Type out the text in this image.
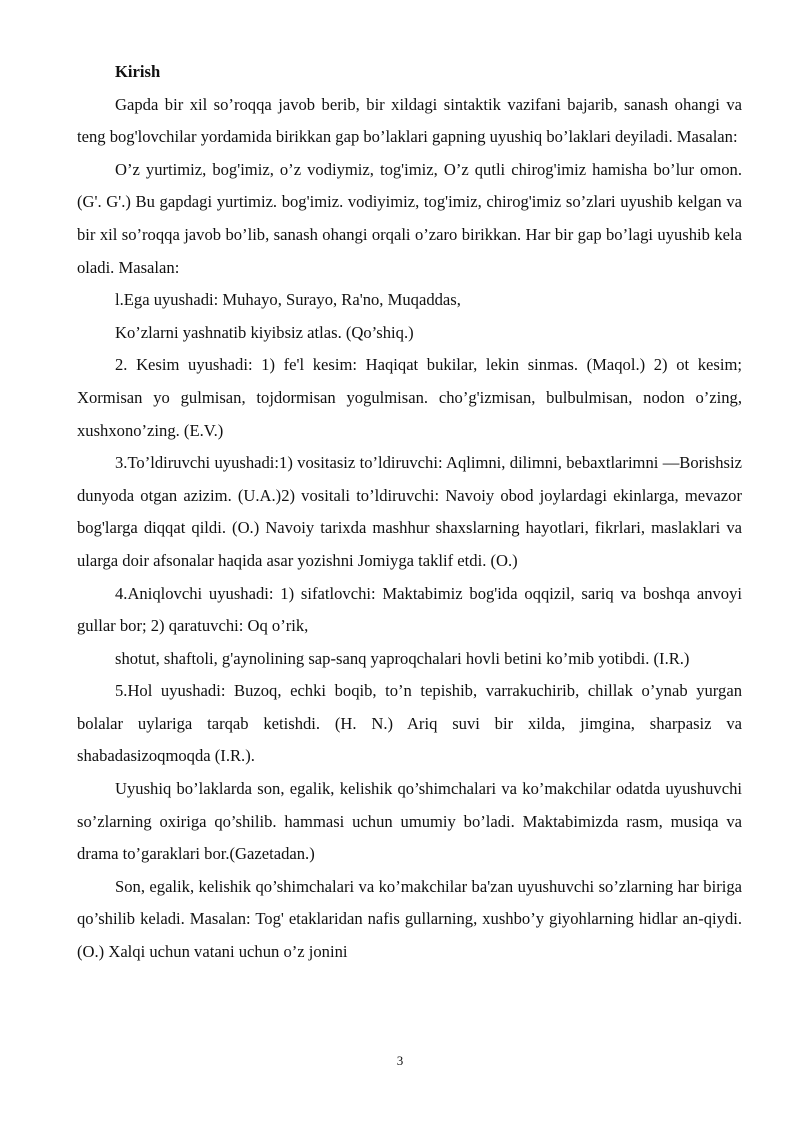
Kirish

Gapda bir xil so’roqqa javob berib, bir xildagi sintaktik vazifani bajarib, sanash ohangi va teng bog'lovchilar yordamida birikkan gap bo’laklari gapning uyushiq bo’laklari deyiladi. Masalan:

O’z yurtimiz, bog'imiz, o’z vodiymiz, tog'imiz, O’z qutli chirog'imiz hamisha bo’lur omon. (G'. G'.) Bu gapdagi yurtimiz. bog'imiz. vodiyimiz, tog'imiz, chirog'imiz so’zlari uyushib kelgan va bir xil so’roqqa javob bo’lib, sanash ohangi orqali o’zaro birikkan. Har bir gap bo’lagi uyushib kela oladi. Masalan:

l.Ega uyushadi: Muhayo, Surayo, Ra'no, Muqaddas,

Ko’zlarni yashnatib kiyibsiz atlas. (Qo’shiq.)

2. Kesim uyushadi: 1) fe'l kesim: Haqiqat bukilar, lekin sinmas. (Maqol.) 2) ot kesim; Xormisan yo gulmisan, tojdormisan yogulmisan. cho’g'izmisan, bulbulmisan, nodon o’zing, xushxono’zing. (E.V.)

3.To’ldiruvchi uyushadi:1) vositasiz to’ldiruvchi: Aqlimni, dilimni, bebaxtlarimni —Borishsiz dunyoda otgan azizim. (U.A.)2) vositali to’ldiruvchi: Navoiy obod joylardagi ekinlarga, mevazor bog'larga diqqat qildi. (O.) Navoiy tarixda mashhur shaxslarning hayotlari, fikrlari, maslaklari va ularga doir afsonalar haqida asar yozishni Jomiyga taklif etdi. (O.)

4.Aniqlovchi uyushadi: 1) sifatlovchi: Maktabimiz bog'ida oqqizil, sariq va boshqa anvoyi gullar bor; 2) qaratuvchi: Oq o’rik,

shotut, shaftoli, g'aynolining sap-sanq yaproqchalari hovli betini ko’mib yotibdi. (I.R.)

5.Hol uyushadi: Buzoq, echki boqib, to’n tepishib, varrakuchirib, chillak o’ynab yurgan bolalar uylariga tarqab ketishdi. (H. N.) Ariq suvi bir xilda, jimgina, sharpasiz va shabadasizoqmoqda (I.R.).

Uyushiq bo’laklarda son, egalik, kelishik qo’shimchalari va ko’makchilar odatda uyushuvchi so’zlarning oxiriga qo’shilib. hammasi uchun umumiy bo’ladi. Maktabimizda rasm, musiqa va drama to’garaklari bor.(Gazetadan.)

Son, egalik, kelishik qo’shimchalari va ko’makchilar ba'zan uyushuvchi so’zlarning har biriga qo’shilib keladi. Masalan: Tog' etaklaridan nafis gullarning, xushbo’y giyohlarning hidlar an-qiydi. (O.) Xalqi uchun vatani uchun o’z jonini

3
